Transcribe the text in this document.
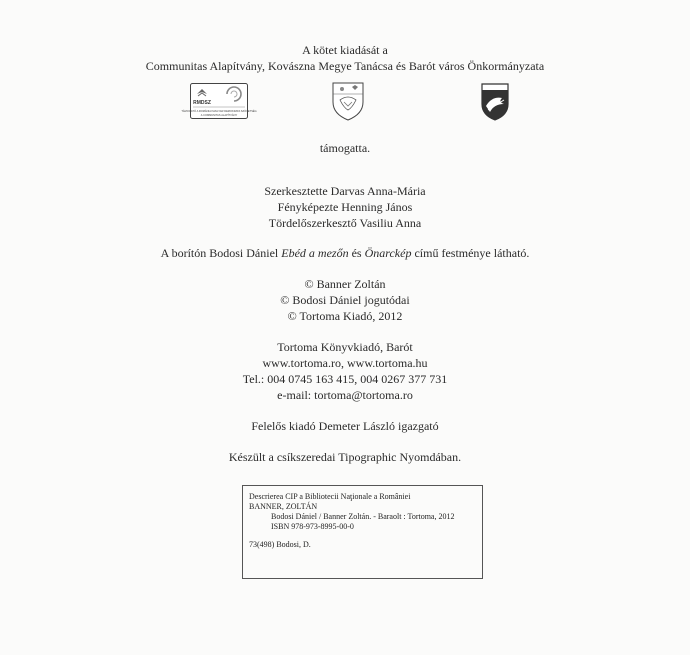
A kötet kiadását a
Communitas Alapítvány, Kovászna Megye Tanácsa és Barót város Önkormányzata
RMDSZ
TÁMOGATÓ A ROMÁNIAI MAGYAR DEMOKRATA SZÖVETSÉG
A COMMUNITAS ALAPÍTVÁNY
támogatta.
Szerkesztette Darvas Anna-Mária
Fényképezte Henning János
Tördelőszerkesztő Vasiliu Anna
A borítón Bodosi Dániel Ebéd a mezőn és Önarckép című festménye látható.
© Banner Zoltán
© Bodosi Dániel jogutódai
© Tortoma Kiadó, 2012
Tortoma Könyvkiadó, Barót
www.tortoma.ro, www.tortoma.hu
Tel.: 004 0745 163 415, 004 0267 377 731
e-mail: tortoma@tortoma.ro
Felelős kiadó Demeter László igazgató
Készült a csíkszeredai Tipographic Nyomdában.
Descrierea CIP a Bibliotecii Naţionale a României
BANNER, ZOLTÁN
Bodosi Dániel / Banner Zoltán. - Baraolt : Tortoma, 2012
ISBN 978-973-8995-00-0
73(498) Bodosi, D.
